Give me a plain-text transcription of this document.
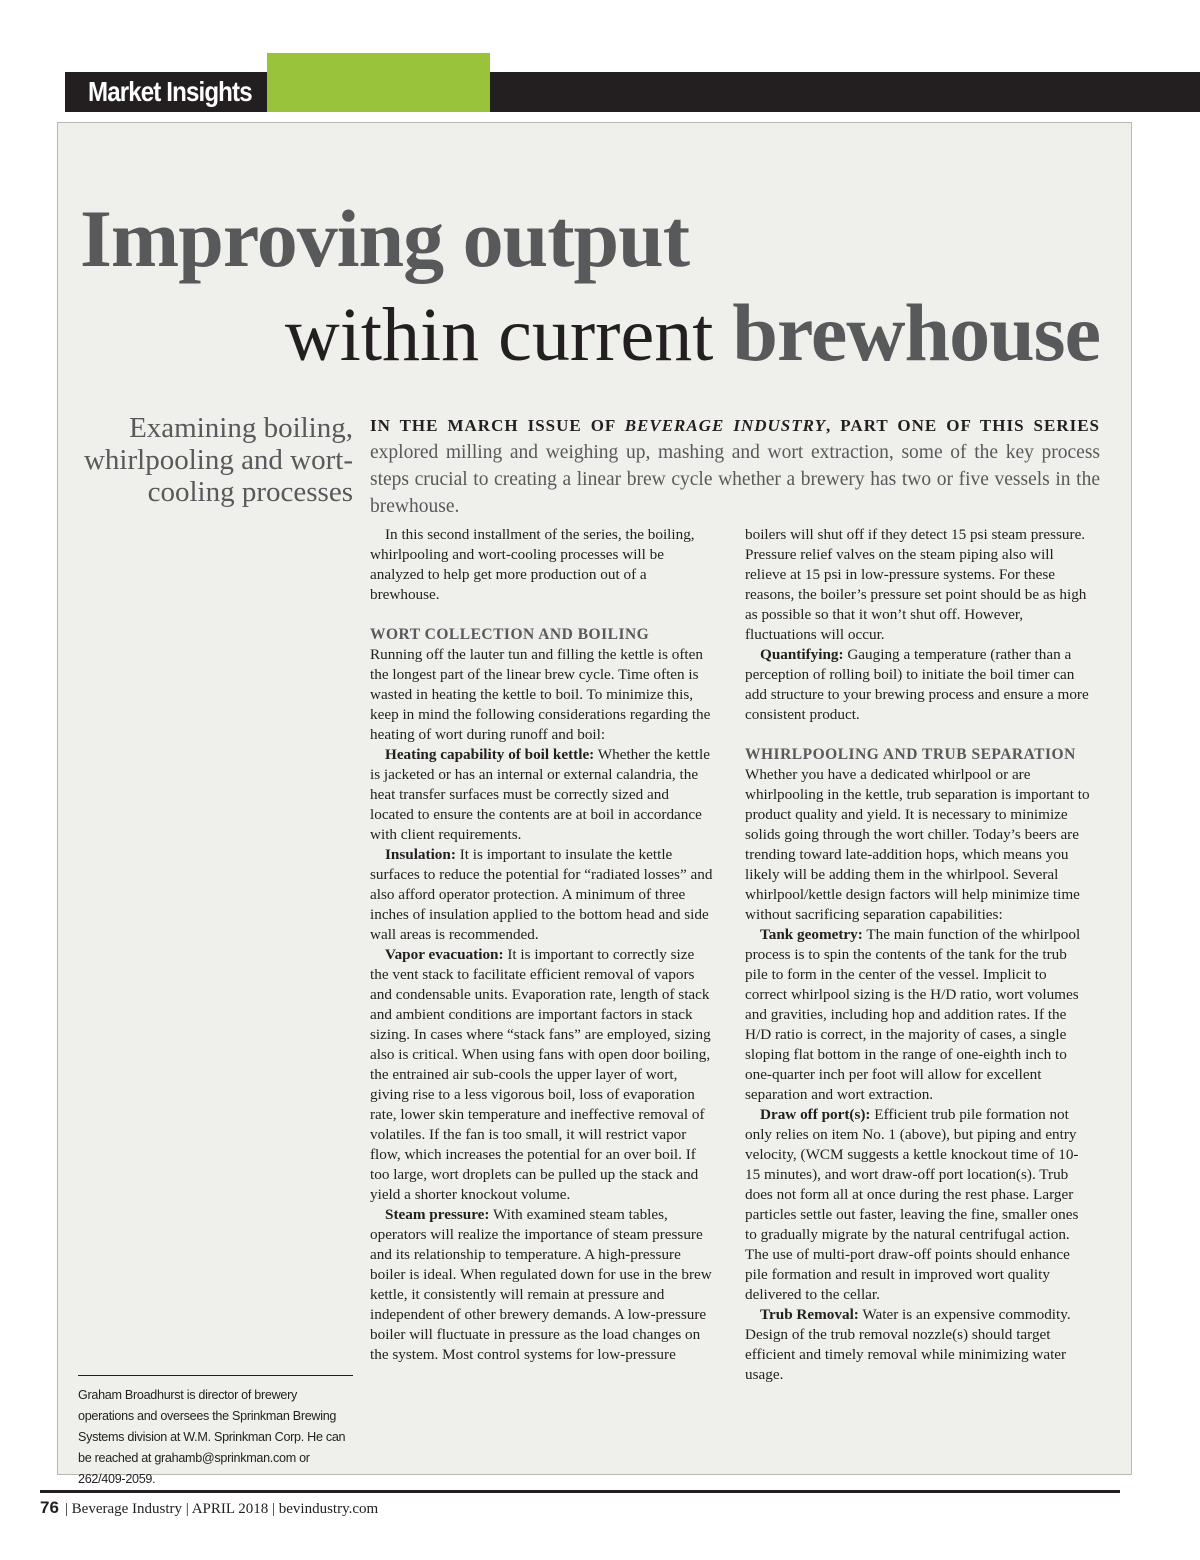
Market Insights
Improving output
within current brewhouse
Examining boiling, whirlpooling and wort-cooling processes
IN THE MARCH ISSUE OF BEVERAGE INDUSTRY, PART ONE OF THIS SERIES explored milling and weighing up, mashing and wort extraction, some of the key process steps crucial to creating a linear brew cycle whether a brewery has two or five vessels in the brewhouse.

In this second installment of the series, the boiling, whirlpooling and wort-cooling processes will be analyzed to help get more production out of a brewhouse.

WORT COLLECTION AND BOILING

Running off the lauter tun and filling the kettle is often the longest part of the linear brew cycle. Time often is wasted in heating the kettle to boil. To minimize this, keep in mind the following considerations regarding the heating of wort during runoff and boil:

Heating capability of boil kettle: Whether the kettle is jacketed or has an internal or external calandria, the heat transfer surfaces must be correctly sized and located to ensure the contents are at boil in accordance with client requirements.

Insulation: It is important to insulate the kettle surfaces to reduce the potential for “radiated losses” and also afford operator protection. A minimum of three inches of insulation applied to the bottom head and side wall areas is recommended.

Vapor evacuation: It is important to correctly size the vent stack to facilitate efficient removal of vapors and condensable units. Evaporation rate, length of stack and ambient conditions are important factors in stack sizing. In cases where “stack fans” are employed, sizing also is critical. When using fans with open door boiling, the entrained air sub-cools the upper layer of wort, giving rise to a less vigorous boil, loss of evaporation rate, lower skin temperature and ineffective removal of volatiles. If the fan is too small, it will restrict vapor flow, which increases the potential for an over boil. If too large, wort droplets can be pulled up the stack and yield a shorter knockout volume.

Steam pressure: With examined steam tables, operators will realize the importance of steam pressure and its relationship to temperature. A high-pressure boiler is ideal. When regulated down for use in the brew kettle, it consistently will remain at pressure and independent of other brewery demands. A low-pressure boiler will fluctuate in pressure as the load changes on the system. Most control systems for low-pressure

boilers will shut off if they detect 15 psi steam pressure. Pressure relief valves on the steam piping also will relieve at 15 psi in low-pressure systems. For these reasons, the boiler’s pressure set point should be as high as possible so that it won’t shut off. However, fluctuations will occur.

Quantifying: Gauging a temperature (rather than a perception of rolling boil) to initiate the boil timer can add structure to your brewing process and ensure a more consistent product.

WHIRLPOOLING AND TRUB SEPARATION

Whether you have a dedicated whirlpool or are whirlpooling in the kettle, trub separation is important to product quality and yield. It is necessary to minimize solids going through the wort chiller. Today’s beers are trending toward late-addition hops, which means you likely will be adding them in the whirlpool. Several whirlpool/kettle design factors will help minimize time without sacrificing separation capabilities:

Tank geometry: The main function of the whirlpool process is to spin the contents of the tank for the trub pile to form in the center of the vessel. Implicit to correct whirlpool sizing is the H/D ratio, wort volumes and gravities, including hop and addition rates. If the H/D ratio is correct, in the majority of cases, a single sloping flat bottom in the range of one-eighth inch to one-quarter inch per foot will allow for excellent separation and wort extraction.

Draw off port(s): Efficient trub pile formation not only relies on item No. 1 (above), but piping and entry velocity, (WCM suggests a kettle knockout time of 10-15 minutes), and wort draw-off port location(s). Trub does not form all at once during the rest phase. Larger particles settle out faster, leaving the fine, smaller ones to gradually migrate by the natural centrifugal action. The use of multi-port draw-off points should enhance pile formation and result in improved wort quality delivered to the cellar.

Trub Removal: Water is an expensive commodity. Design of the trub removal nozzle(s) should target efficient and timely removal while minimizing water usage.

Graham Broadhurst is director of brewery operations and oversees the Sprinkman Brewing Systems division at W.M. Sprinkman Corp. He can be reached at grahamb@sprinkman.com or 262/409-2059.
76 | Beverage Industry | APRIL 2018 | bevindustry.com
